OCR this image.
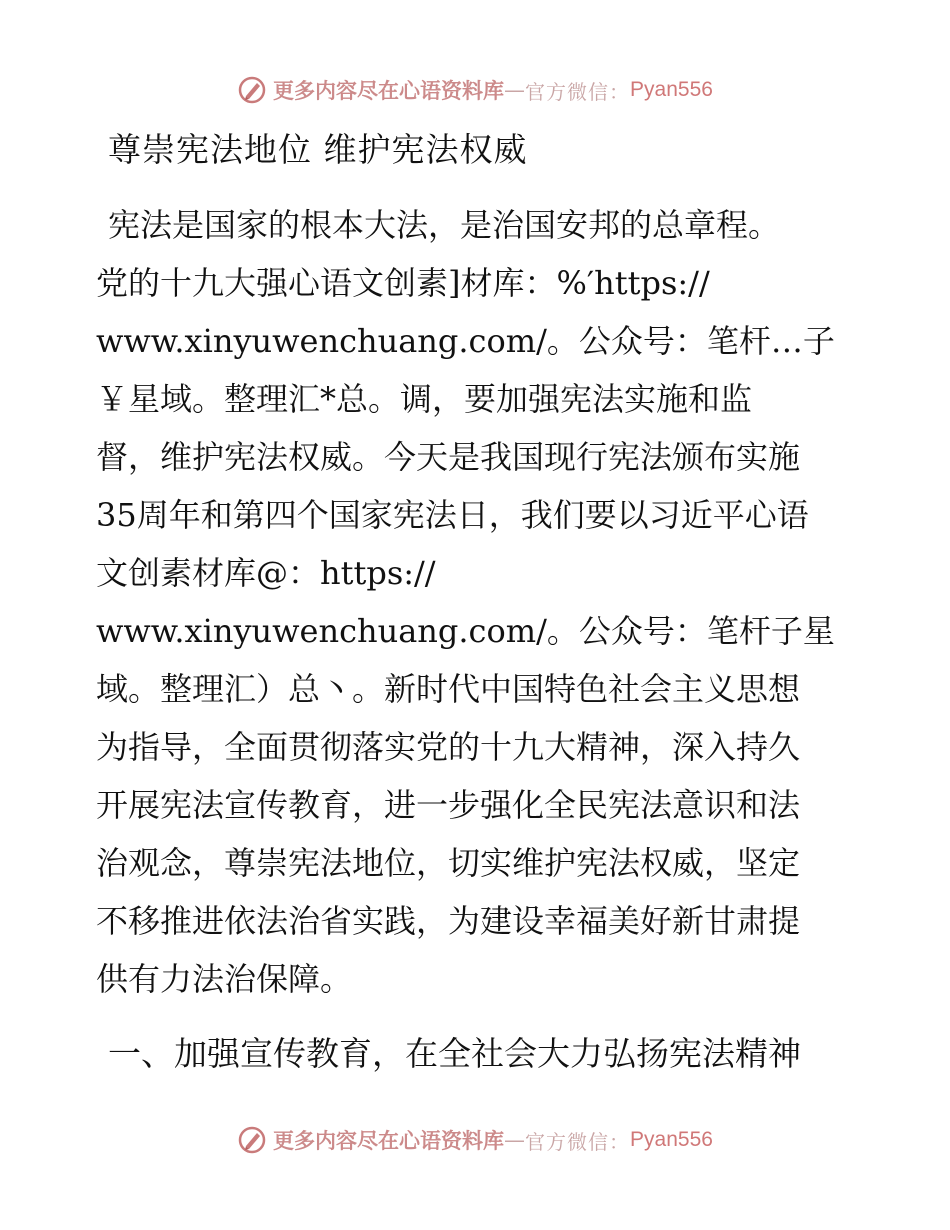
更多内容尽在心语资料库 — 官方微信： Pyan556
尊崇宪法地位 维护宪法权威
宪法是国家的根本大法，是治国安邦的总章程。
党的十九大强心语文创素]材库：%′https://
www.xinyuwenchuang.com/。公众号：笔杆…子
￥星域。整理汇*总。调，要加强宪法实施和监
督，维护宪法权威。今天是我国现行宪法颁布实施
35周年和第四个国家宪法日，我们要以习近平心语
文创素材库@：https://
www.xinyuwenchuang.com/。公众号：笔杆子星
域。整理汇）总丶。新时代中国特色社会主义思想
为指导，全面贯彻落实党的十九大精神，深入持久
开展宪法宣传教育，进一步强化全民宪法意识和法
治观念，尊崇宪法地位，切实维护宪法权威，坚定
不移推进依法治省实践，为建设幸福美好新甘肃提
供有力法治保障。
一、加强宣传教育，在全社会大力弘扬宪法精神
更多内容尽在心语资料库 — 官方微信： Pyan556
